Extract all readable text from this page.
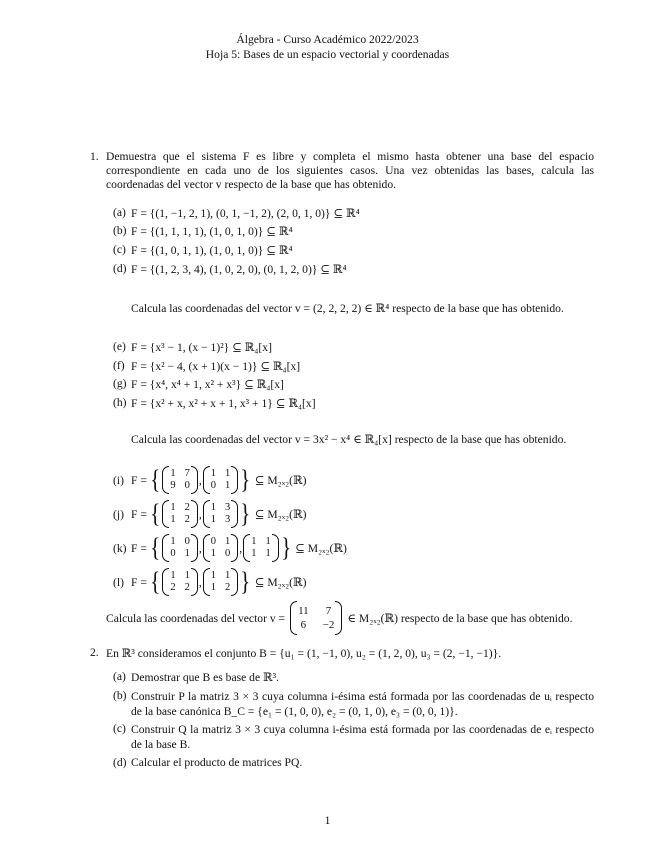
Álgebra - Curso Académico 2022/2023
Hoja 5: Bases de un espacio vectorial y coordenadas
1. Demuestra que el sistema F es libre y completa el mismo hasta obtener una base del espacio correspondiente en cada uno de los siguientes casos. Una vez obtenidas las bases, calcula las coordenadas del vector v respecto de la base que has obtenido.
(a) F = {(1, −1, 2, 1), (0, 1, −1, 2), (2, 0, 1, 0)} ⊆ ℝ⁴
(b) F = {(1, 1, 1, 1), (1, 0, 1, 0)} ⊆ ℝ⁴
(c) F = {(1, 0, 1, 1), (1, 0, 1, 0)} ⊆ ℝ⁴
(d) F = {(1, 2, 3, 4), (1, 0, 2, 0), (0, 1, 2, 0)} ⊆ ℝ⁴
Calcula las coordenadas del vector v = (2, 2, 2, 2) ∈ ℝ⁴ respecto de la base que has obtenido.
(e) F = {x³ − 1, (x − 1)²} ⊆ ℝ₄[x]
(f) F = {x² − 4, (x + 1)(x − 1)} ⊆ ℝ₄[x]
(g) F = {x⁴, x⁴ + 1, x² + x³} ⊆ ℝ₄[x]
(h) F = {x² + x, x² + x + 1, x³ + 1} ⊆ ℝ₄[x]
Calcula las coordenadas del vector v = 3x² − x⁴ ∈ ℝ₄[x] respecto de la base que has obtenido.
(i) F = { 1 7
9 0 , 1 1
0 1 } ⊆ M₂ₓ₂(ℝ)
(j) F = { 1 2
1 2 , 1 3
1 3 } ⊆ M₂ₓ₂(ℝ)
(k) F = { 1 0
0 1 , 0 1
1 0 , 1 1
1 1 } ⊆ M₂ₓ₂(ℝ)
(l) F = { 1 1
2 2 , 1 1
1 2 } ⊆ M₂ₓ₂(ℝ)
Calcula las coordenadas del vector v =
11 7
6 −2 ∈ M₂ₓ₂(ℝ) respecto de la base que has obtenido.
2. En ℝ³ consideramos el conjunto B = {u₁ = (1, −1, 0), u₂ = (1, 2, 0), u₃ = (2, −1, −1)}.
(a) Demostrar que B es base de ℝ³.
(b) Construir P la matriz 3 × 3 cuya columna i-ésima está formada por las coordenadas de uᵢ respecto de la base canónica B_C = {e₁ = (1, 0, 0), e₂ = (0, 1, 0), e₃ = (0, 0, 1)}.
(c) Construir Q la matriz 3 × 3 cuya columna i-ésima está formada por las coordenadas de eᵢ respecto de la base B.
(d) Calcular el producto de matrices PQ.
1
